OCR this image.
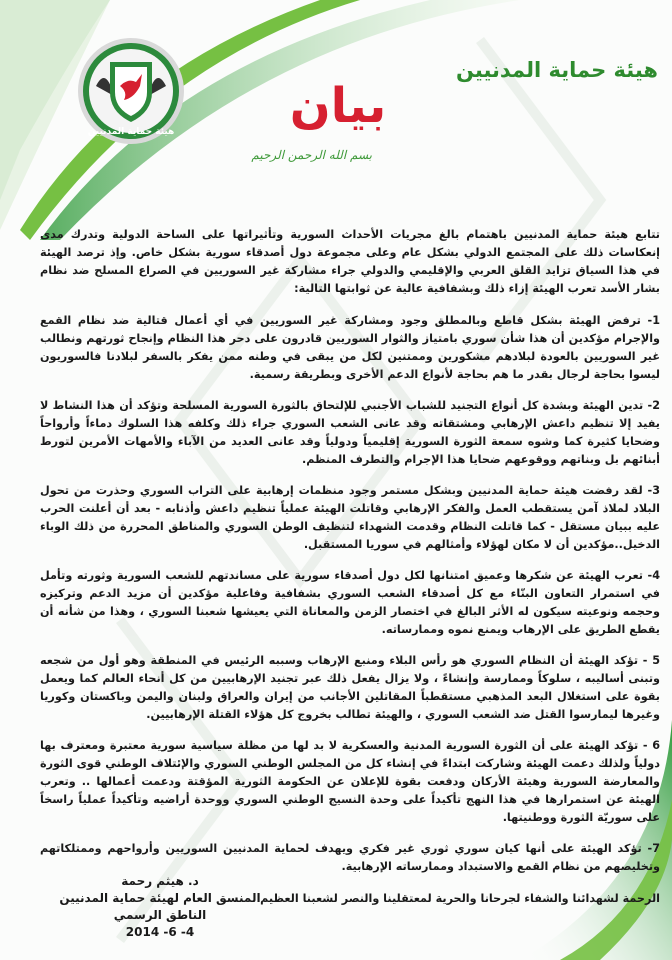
هيئة حماية المدنيين
هيئة حماية المدنيين
بيان
بسم الله الرحمن الرحيم

تتابع هيئة حماية المدنيين باهتمام بالغ مجريات الأحداث السورية وتأثيراتها على الساحة الدولية وتدرك مدى إنعكاسات ذلك على المجتمع الدولي بشكل عام وعلى مجموعة دول أصدقاء سورية بشكل خاص. وإذ ترصد الهيئة في هذا السياق تزايد القلق العربي والإقليمي والدولي جراء مشاركة غير السوريين في الصراع المسلح ضد نظام بشار الأسد تعرب الهيئة إزاء ذلك وبشفافية عالية عن ثوابتها التالية:

1- ترفض الهيئة بشكل قاطع وبالمطلق وجود ومشاركة غير السوريين في أي أعمال قتالية ضد نظام القمع والإجرام مؤكدين أن هذا شأن سوري بامتياز والثوار السوريين قادرون على دحر هذا النظام وإنجاح ثورتهم ونطالب غير السوريين بالعودة لبلادهم مشكورين وممتنين لكل من يبقى في وطنه ممن يفكر بالسفر لبلادنا فالسوريون ليسوا بحاجة لرجال بقدر ما هم بحاجة لأنواع الدعم الأخرى وبطريقة رسمية.

2- تدين الهيئة وبشدة كل أنواع التجنيد للشباب الأجنبي للإلتحاق بالثورة السورية المسلحة وتؤكد أن هذا النشاط لا يفيد إلا تنظيم داعش الإرهابي ومشتقاته وقد عانى الشعب السوري جراء ذلك وكلفه هذا السلوك دماءاً وأرواحاً وضحايا كثيرة كما وشوه سمعة الثورة السورية إقليمياً ودولياً وقد عانى العديد من الآباء والأمهات الأمرين لتورط أبنائهم بل وبناتهم ووقوعهم ضحايا هذا الإجرام والتطرف المنظم.

3- لقد رفضت هيئة حماية المدنيين وبشكل مستمر وجود منظمات إرهابية على التراب السوري وحذرت من تحول البلاد لملاذ آمن يستقطب العمل والفكر الإرهابي وقاتلت الهيئة عملياً تنظيم داعش وأذنابه - بعد أن أعلنت الحرب عليه ببيان مستقل - كما قاتلت النظام وقدمت الشهداء لتنظيف الوطن السوري والمناطق المحررة من ذلك الوباء الدخيل..مؤكدين أن لا مكان لهؤلاء وأمثالهم في سوريا المستقبل.

4- تعرب الهيئة عن شكرها وعميق امتنانها لكل دول أصدقاء سورية على مساندتهم للشعب السورية وثورته وتأمل في استمرار التعاون البنّاء مع كل أصدقاء الشعب السوري بشفافية وفاعلية مؤكدين أن مزيد الدعم وتركيزه وحجمه ونوعيته سيكون له الأثر البالغ في اختصار الزمن والمعاناة التي يعيشها شعبنا السوري ، وهذا من شأنه أن يقطع الطريق على الإرهاب ويمنع نموه وممارساته.

5 - تؤكد الهيئة أن النظام السوري هو رأس البلاء ومنبع الإرهاب وسببه الرئيس في المنطقة وهو أول من شجعه وتبنى أساليبه ، سلوكاً وممارسة وإنشاءً ، ولا يزال يفعل ذلك عبر تجنيد الإرهابيين من كل أنحاء العالم كما ويعمل بقوة على استغلال البعد المذهبي مستقطباً المقاتلين الأجانب من إيران والعراق ولبنان واليمن وباكستان وكوريا وغيرها ليمارسوا القتل ضد الشعب السوري ، والهيئة تطالب بخروج كل هؤلاء القتلة الإرهابيين.

6 - تؤكد الهيئة على أن الثورة السورية المدنية والعسكرية لا بد لها من مظلة سياسية سورية معتبرة ومعترف بها دولياً ولذلك دعمت الهيئة وشاركت ابتداءً في إنشاء كل من المجلس الوطني السوري والإئتلاف الوطني قوى الثورة والمعارضة السورية وهيئة الأركان ودفعت بقوة للإعلان عن الحكومة الثورية المؤقتة ودعمت أعمالها .. وتعرب الهيئة عن استمرارها في هذا النهج تأكيداً على وحدة النسيج الوطني السوري ووحدة أراضيه وتأكيداً عملياً راسخاً على سوريّة الثورة ووطنيتها.

7- تؤكد الهيئة على أنها كيان سوري ثوري غير فكري ويهدف لحماية المدنيين السوريين وأرواحهم وممتلكاتهم وتخليصهم من نظام القمع والاستبداد وممارساته الإرهابية.

الرحمة لشهدائنا والشفاء لجرحانا والحرية لمعتقلينا والنصر لشعبنا العظيم

د. هيثم رحمة
المنسق العام لهيئة حماية المدنيين
الناطق الرسمي
2014 -6 -4
